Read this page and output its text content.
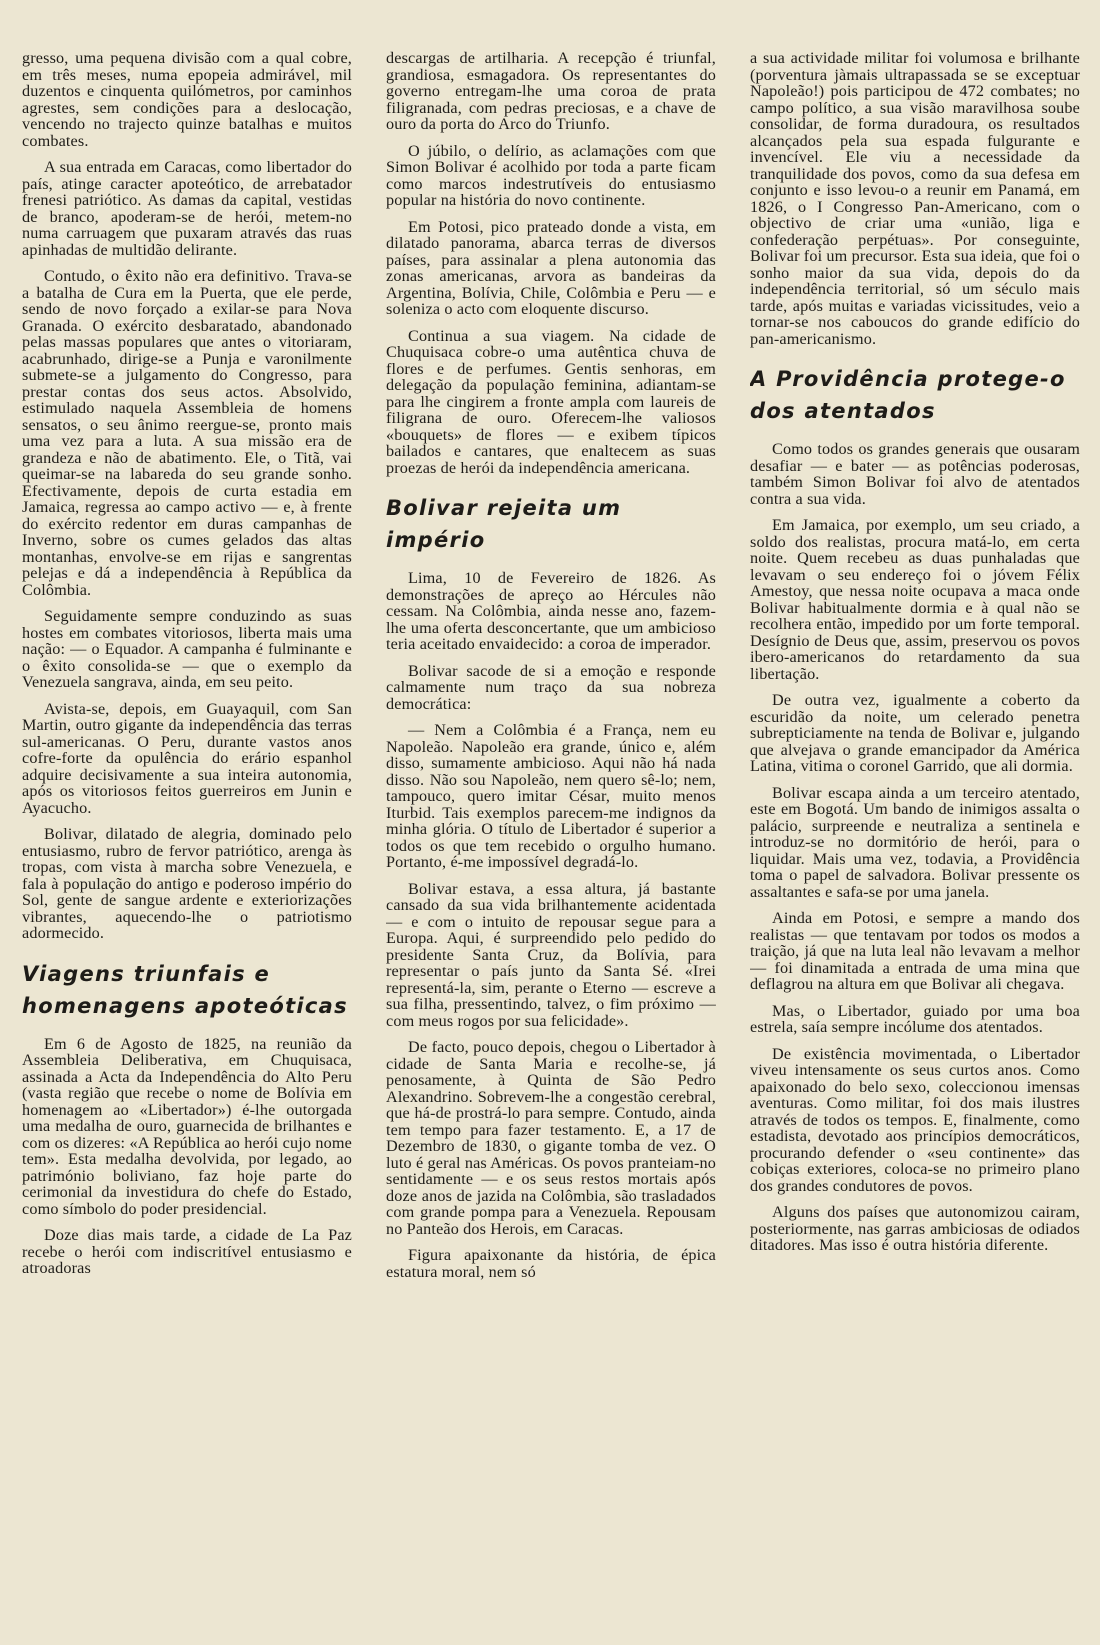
gresso, uma pequena divisão com a qual cobre, em três meses, numa epopeia admirável, mil duzentos e cinquenta quilómetros, por caminhos agrestes, sem condições para a deslocação, vencendo no trajecto quinze batalhas e muitos combates.

A sua entrada em Caracas, como libertador do país, atinge caracter apoteótico, de arrebatador frenesi patriótico. As damas da capital, vestidas de branco, apoderam-se de herói, metem-no numa carruagem que puxaram através das ruas apinhadas de multidão delirante.

Contudo, o êxito não era definitivo. Trava-se a batalha de Cura em la Puerta, que ele perde, sendo de novo forçado a exilar-se para Nova Granada. O exército desbaratado, abandonado pelas massas populares que antes o vitoriaram, acabrunhado, dirige-se a Punja e varonilmente submete-se a julgamento do Congresso, para prestar contas dos seus actos. Absolvido, estimulado naquela Assembleia de homens sensatos, o seu ânimo reergue-se, pronto mais uma vez para a luta. A sua missão era de grandeza e não de abatimento. Ele, o Titã, vai queimar-se na labareda do seu grande sonho. Efectivamente, depois de curta estadia em Jamaica, regressa ao campo activo — e, à frente do exército redentor em duras campanhas de Inverno, sobre os cumes gelados das altas montanhas, envolve-se em rijas e sangrentas pelejas e dá a independência à República da Colômbia.

Seguidamente sempre conduzindo as suas hostes em combates vitoriosos, liberta mais uma nação: — o Equador. A campanha é fulminante e o êxito consolida-se — que o exemplo da Venezuela sangrava, ainda, em seu peito.

Avista-se, depois, em Guayaquil, com San Martin, outro gigante da independência das terras sul-americanas. O Peru, durante vastos anos cofre-forte da opulência do erário espanhol adquire decisivamente a sua inteira autonomia, após os vitoriosos feitos guerreiros em Junin e Ayacucho.

Bolivar, dilatado de alegria, dominado pelo entusiasmo, rubro de fervor patriótico, arenga às tropas, com vista à marcha sobre Venezuela, e fala à população do antigo e poderoso império do Sol, gente de sangue ardente e exteriorizações vibrantes, aquecendo-lhe o patriotismo adormecido.

Viagens triunfais e homenagens apoteóticas

Em 6 de Agosto de 1825, na reunião da Assembleia Deliberativa, em Chuquisaca, assinada a Acta da Independência do Alto Peru (vasta região que recebe o nome de Bolívia em homenagem ao «Libertador») é-lhe outorgada uma medalha de ouro, guarnecida de brilhantes e com os dizeres: «A República ao herói cujo nome tem». Esta medalha devolvida, por legado, ao património boliviano, faz hoje parte do cerimonial da investidura do chefe do Estado, como símbolo do poder presidencial.

Doze dias mais tarde, a cidade de La Paz recebe o herói com indiscritível entusiasmo e atroadoras

descargas de artilharia. A recepção é triunfal, grandiosa, esmagadora. Os representantes do governo entregam-lhe uma coroa de prata filigranada, com pedras preciosas, e a chave de ouro da porta do Arco do Triunfo.

O júbilo, o delírio, as aclamações com que Simon Bolivar é acolhido por toda a parte ficam como marcos indestrutíveis do entusiasmo popular na história do novo continente.

Em Potosi, pico prateado donde a vista, em dilatado panorama, abarca terras de diversos países, para assinalar a plena autonomia das zonas americanas, arvora as bandeiras da Argentina, Bolívia, Chile, Colômbia e Peru — e soleniza o acto com eloquente discurso.

Continua a sua viagem. Na cidade de Chuquisaca cobre-o uma autêntica chuva de flores e de perfumes. Gentis senhoras, em delegação da população feminina, adiantam-se para lhe cingirem a fronte ampla com laureis de filigrana de ouro. Oferecem-lhe valiosos «bouquets» de flores — e exibem típicos bailados e cantares, que enaltecem as suas proezas de herói da independência americana.

Bolivar rejeita um império

Lima, 10 de Fevereiro de 1826. As demonstrações de apreço ao Hércules não cessam. Na Colômbia, ainda nesse ano, fazem-lhe uma oferta desconcertante, que um ambicioso teria aceitado envaidecido: a coroa de imperador.

Bolivar sacode de si a emoção e responde calmamente num traço da sua nobreza democrática:

— Nem a Colômbia é a França, nem eu Napoleão. Napoleão era grande, único e, além disso, sumamente ambicioso. Aqui não há nada disso. Não sou Napoleão, nem quero sê-lo; nem, tampouco, quero imitar César, muito menos Iturbid. Tais exemplos parecem-me indignos da minha glória. O título de Libertador é superior a todos os que tem recebido o orgulho humano. Portanto, é-me impossível degradá-lo.

Bolivar estava, a essa altura, já bastante cansado da sua vida brilhantemente acidentada — e com o intuito de repousar segue para a Europa. Aqui, é surpreendido pelo pedido do presidente Santa Cruz, da Bolívia, para representar o país junto da Santa Sé. «Irei representá-la, sim, perante o Eterno — escreve a sua filha, pressentindo, talvez, o fim próximo — com meus rogos por sua felicidade».

De facto, pouco depois, chegou o Libertador à cidade de Santa Maria e recolhe-se, já penosamente, à Quinta de São Pedro Alexandrino. Sobrevem-lhe a congestão cerebral, que há-de prostrá-lo para sempre. Contudo, ainda tem tempo para fazer testamento. E, a 17 de Dezembro de 1830, o gigante tomba de vez. O luto é geral nas Américas. Os povos pranteiam-no sentidamente — e os seus restos mortais após doze anos de jazida na Colômbia, são trasladados com grande pompa para a Venezuela. Repousam no Panteão dos Herois, em Caracas.

Figura apaixonante da história, de épica estatura moral, nem só

a sua actividade militar foi volumosa e brilhante (porventura jàmais ultrapassada se se exceptuar Napoleão!) pois participou de 472 combates; no campo político, a sua visão maravilhosa soube consolidar, de forma duradoura, os resultados alcançados pela sua espada fulgurante e invencível. Ele viu a necessidade da tranquilidade dos povos, como da sua defesa em conjunto e isso levou-o a reunir em Panamá, em 1826, o I Congresso Pan-Americano, com o objectivo de criar uma «união, liga e confederação perpétuas». Por conseguinte, Bolivar foi um precursor. Esta sua ideia, que foi o sonho maior da sua vida, depois do da independência territorial, só um século mais tarde, após muitas e variadas vicissitudes, veio a tornar-se nos caboucos do grande edifício do pan-americanismo.

A Providência protege-o dos atentados

Como todos os grandes generais que ousaram desafiar — e bater — as potências poderosas, também Simon Bolivar foi alvo de atentados contra a sua vida.

Em Jamaica, por exemplo, um seu criado, a soldo dos realistas, procura matá-lo, em certa noite. Quem recebeu as duas punhaladas que levavam o seu endereço foi o jóvem Félix Amestoy, que nessa noite ocupava a maca onde Bolivar habitualmente dormia e à qual não se recolhera então, impedido por um forte temporal. Desígnio de Deus que, assim, preservou os povos ibero-americanos do retardamento da sua libertação.

De outra vez, igualmente a coberto da escuridão da noite, um celerado penetra subrepticiamente na tenda de Bolivar e, julgando que alvejava o grande emancipador da América Latina, vitima o coronel Garrido, que ali dormia.

Bolivar escapa ainda a um terceiro atentado, este em Bogotá. Um bando de inimigos assalta o palácio, surpreende e neutraliza a sentinela e introduz-se no dormitório de herói, para o liquidar. Mais uma vez, todavia, a Providência toma o papel de salvadora. Bolivar pressente os assaltantes e safa-se por uma janela.

Ainda em Potosi, e sempre a mando dos realistas — que tentavam por todos os modos a traição, já que na luta leal não levavam a melhor — foi dinamitada a entrada de uma mina que deflagrou na altura em que Bolivar ali chegava.

Mas, o Libertador, guiado por uma boa estrela, saía sempre incólume dos atentados.

De existência movimentada, o Libertador viveu intensamente os seus curtos anos. Como apaixonado do belo sexo, coleccionou imensas aventuras. Como militar, foi dos mais ilustres através de todos os tempos. E, finalmente, como estadista, devotado aos princípios democráticos, procurando defender o «seu continente» das cobiças exteriores, coloca-se no primeiro plano dos grandes condutores de povos.

Alguns dos países que autonomizou cairam, posteriormente, nas garras ambiciosas de odiados ditadores. Mas isso é outra história diferente.
